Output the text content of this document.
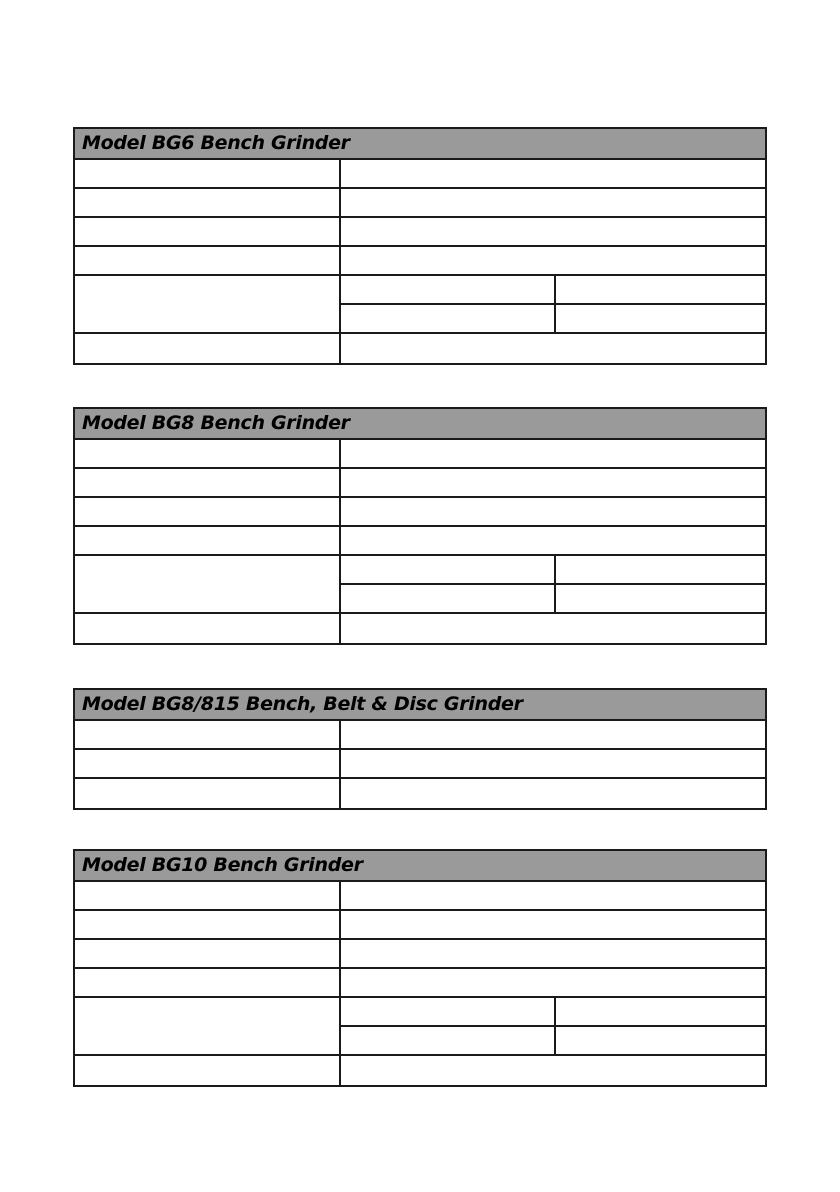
Model BG6 Bench Grinder
Model BG8 Bench Grinder
Model BG8/815 Bench, Belt & Disc Grinder
Model BG10 Bench Grinder
